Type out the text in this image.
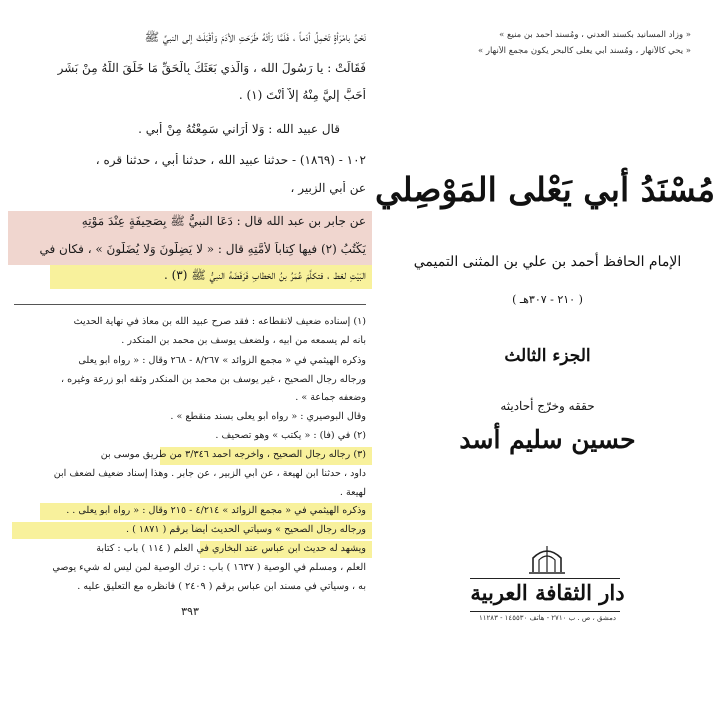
نَحْنُ بامْرَأةٍ تَحْمِلُ أدَماً ، فَلَمَّا رَأتْهُ طَرَحَتِ الأدَمَ وَأقْبَلَتْ إلى النبيِّ ﷺ
فَقَالَتْ : يا رَسُولَ الله ، وَالَّذي بَعَثَكَ بِالْحَقِّ مَا خَلَقَ اللَّهُ مِنْ بَشَرٍ
أحَبَّ إليَّ مِنْهُ إلاَّ أنْتَ (١) .
قال عبيد الله : وَلا أُرَاني سَمِعْتُهُ مِنْ أبي .
١٠٢ - (١٨٦٩) - حدثنا عبيد الله ، حدثنا أبي ، حدثنا قره ،
عن أبي الزبير ،
عن جابر بن عبد الله قال : دَعَا النبيُّ ﷺ بِصَحِيفَةٍ عِنْدَ مَوْتِهِ
يَكْتُبُ (٢) فيها كِتاباً لأُمَّتِهِ قال : « لا يَضِلُّونَ وَلا يُضَلُّونَ » ، فكان في
البَيْتِ لغط ، فتكلَّمَ عُمَرُ بنُ الخطابِ فَرَفَضَهُ النبيُّ ﷺ (٣) .
(١) إسناده ضعيف لانقطاعه : فقد صرح عبيد الله بن معاذ في نهاية الحديث
بأنه لم يسمعه من أبيه ، ولضعف يوسف بن محمد بن المنكدر .
وذكره الهيثمي في « مجمع الزوائد » ٨/٢٦٧ - ٢٦٨ وقال : « رواه أبو يعلى
ورجاله رجال الصحيح ، غير يوسف بن محمد بن المنكدر وثقه أبو زرعة وغيره ،
وضعفه جماعة » .
وقال البوصيري : « رواه أبو يعلى بسند منقطع » .
(٢) في (فا) : « يكتب » وهو تصحيف .
(٣) رجاله رجال الصحيح ، وأخرجه أحمد ٣/٣٤٦ من طريق موسى بن
داود ، حدثنا ابن لهيعة ، عن أبي الزبير ، عن جابر . وهذا إسناد ضعيف لضعف ابن
لهيعة .
وذكره الهيثمي في « مجمع الزوائد » ٤/٢١٤ - ٢١٥ وقال : « رواه أبو يعلى . .
ورجاله رجال الصحيح » وسيأتي الحديث أيضاً برقم ( ١٨٧١ ) .
ويشهد له حديث ابن عباس عند البخاري في العلم ( ١١٤ ) باب : كتابة
العلم ، ومسلم في الوصية ( ١٦٣٧ ) باب : ترك الوصية لمن ليس له شيء يوصي
به ، وسيأتي في مسند ابن عباس برقم ( ٢٤٠٩ ) فانظره مع التعليق عليه .
٣٩٣
« وزاد المسانيد بكسند العدني ، ومُسند أحمد بن منيع »
« يحي كالأنهار ، ومُسند أبي يعلى كالبحر يكون مجمع الأنهار »
مُسْنَدُ أبي يَعْلى المَوْصِلي
الإمام الحافظ أحمد بن علي بن المثنى التميمي
( ٢١٠ - ٣٠٧هـ )
الجزء الثالث
حققه وخرّج أحاديثه
حسين سليم أسد
دار الثقافة العربية
دمشق ، ص . ب ٢٧١٠ - هاتف ١٤٥٥٣٠ - ١١٢٨٣
